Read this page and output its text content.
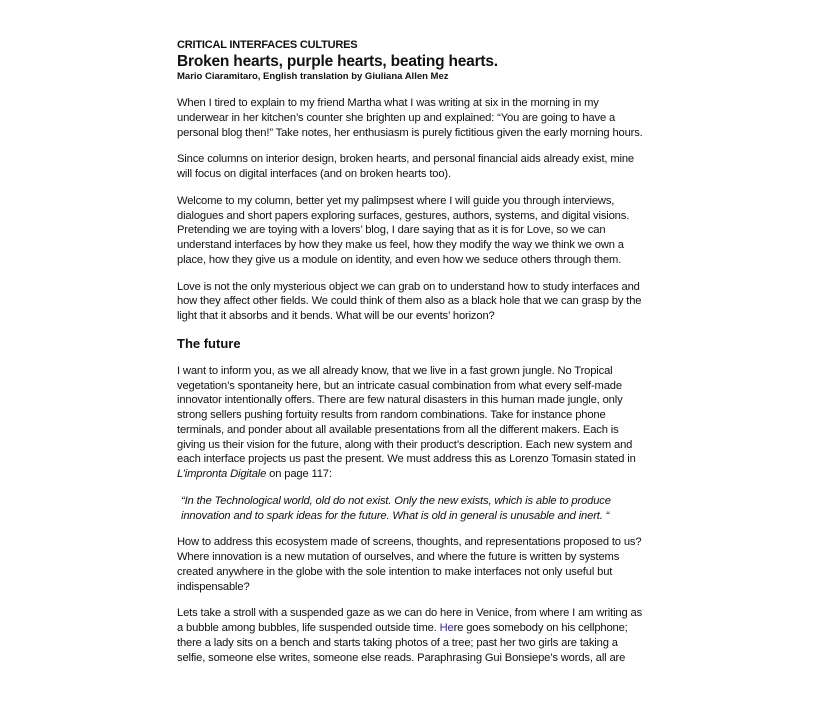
CRITICAL INTERFACES CULTURES
Broken hearts, purple hearts, beating hearts.
Mario Ciaramitaro, English translation by Giuliana Allen Mez

When I tired to explain to my friend Martha what I was writing at six in the morning in my underwear in her kitchen’s counter she brighten up and explained: “You are going to have a personal blog then!” Take notes, her enthusiasm is purely fictitious given the early morning hours.

Since columns on interior design, broken hearts, and personal financial aids already exist, mine will focus on digital interfaces (and on broken hearts too).

Welcome to my column, better yet my palimpsest where I will guide you through interviews, dialogues and short papers exploring surfaces, gestures, authors, systems, and digital visions. Pretending we are toying with a lovers’ blog, I dare saying that as it is for Love, so we can understand interfaces by how they make us feel, how they modify the way we think we own a place, how they give us a module on identity, and even how we seduce others through them.

Love is not the only mysterious object we can grab on to understand how to study interfaces and how they affect other fields. We could think of them also as a black hole that we can grasp by the light that it absorbs and it bends. What will be our events’ horizon?

The future

I want to inform you, as we all already know, that we live in a fast grown jungle. No Tropical vegetation’s spontaneity here, but an intricate casual combination from what every self-made innovator intentionally offers. There are few natural disasters in this human made jungle, only strong sellers pushing fortuity results from random combinations. Take for instance phone terminals, and ponder about all available presentations from all the different makers. Each is giving us their vision for the future, along with their product’s description. Each new system and each interface projects us past the present. We must address this as Lorenzo Tomasin stated in L’impronta Digitale on page 117:

“In the Technological world, old do not exist. Only the new exists, which is able to produce innovation and to spark ideas for the future. What is old in general is unusable and inert. “

How to address this ecosystem made of screens, thoughts, and representations proposed to us? Where innovation is a new mutation of ourselves, and where the future is written by systems created anywhere in the globe with the sole intention to make interfaces not only useful but indispensable?

Lets take a stroll with a suspended gaze as we can do here in Venice, from where I am writing as a bubble among bubbles, life suspended outside time. Here goes somebody on his cellphone; there a lady sits on a bench and starts taking photos of a tree; past her two girls are taking a selfie, someone else writes, someone else reads. Paraphrasing Gui Bonsiepe’s words, all are
